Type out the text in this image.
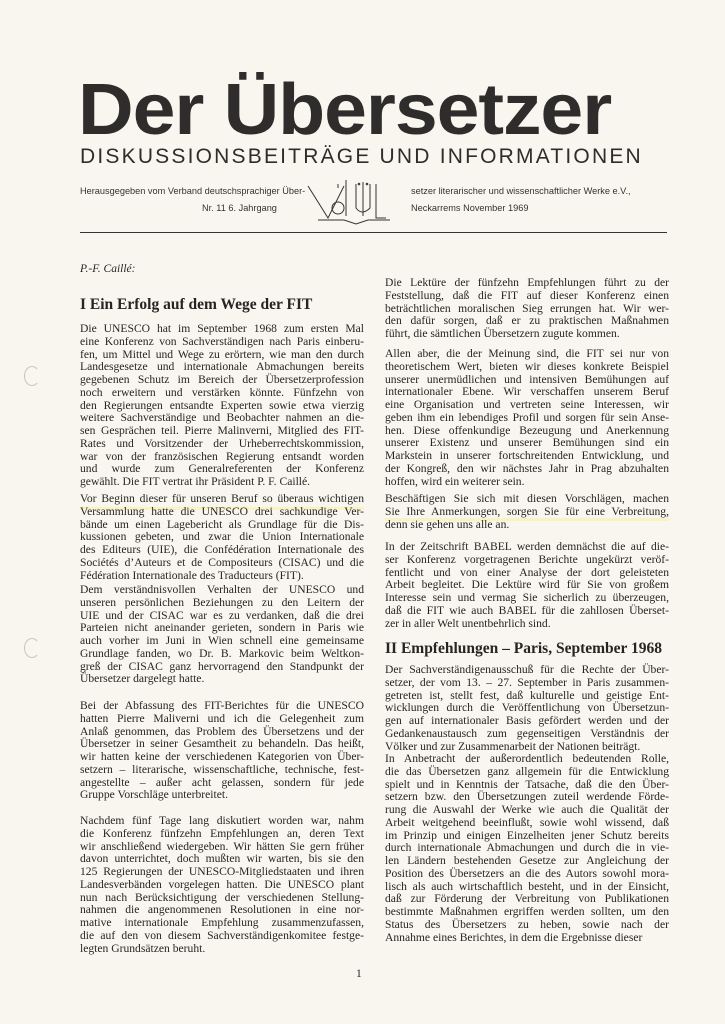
Der Übersetzer
DISKUSSIONSBEITRÄGE UND INFORMATIONEN
Herausgegeben vom Verband deutschsprachiger Über-
Nr. 11 6. Jahrgang
setzer literarischer und wissenschaftlicher Werke e.V.,
Neckarrems November 1969
P.-F. Caillé:
I Ein Erfolg auf dem Wege der FIT
II Empfehlungen – Paris, September 1968
Die UNESCO hat im September 1968 zum ersten Mal
eine Konferenz von Sachverständigen nach Paris einberu-
fen, um Mittel und Wege zu erörtern, wie man den durch
Landesgesetze und internationale Abmachungen bereits
gegebenen Schutz im Bereich der Übersetzerprofession
noch erweitern und verstärken könnte. Fünfzehn von
den Regierungen entsandte Experten sowie etwa vierzig
weitere Sachverständige und Beobachter nahmen an die-
sen Gesprächen teil. Pierre Malinverni, Mitglied des FIT-
Rates und Vorsitzender der Urheberrechtskommission,
war von der französischen Regierung entsandt worden
und wurde zum Generalreferenten der Konferenz
gewählt. Die FIT vertrat ihr Präsident P. F. Caillé.
Vor Beginn dieser für unseren Beruf so überaus wichtigen
Versammlung hatte die UNESCO drei sachkundige Ver-
bände um einen Lagebericht als Grundlage für die Dis-
kussionen gebeten, und zwar die Union Internationale
des Editeurs (UIE), die Confédération Internationale des
Sociétés d’Auteurs et de Compositeurs (CISAC) und die
Fédération Internationale des Traducteurs (FIT).
Dem verständnisvollen Verhalten der UNESCO und
unseren persönlichen Beziehungen zu den Leitern der
UIE und der CISAC war es zu verdanken, daß die drei
Parteien nicht aneinander gerieten, sondern in Paris wie
auch vorher im Juni in Wien schnell eine gemeinsame
Grundlage fanden, wo Dr. B. Markovic beim Weltkon-
greß der CISAC ganz hervorragend den Standpunkt der
Übersetzer dargelegt hatte.
Bei der Abfassung des FIT-Berichtes für die UNESCO
hatten Pierre Maliverni und ich die Gelegenheit zum
Anlaß genommen, das Problem des Übersetzens und der
Übersetzer in seiner Gesamtheit zu behandeln. Das heißt,
wir hatten keine der verschiedenen Kategorien von Über-
setzern – literarische, wissenschaftliche, technische, fest-
angestellte – außer acht gelassen, sondern für jede
Gruppe Vorschläge unterbreitet.
Nachdem fünf Tage lang diskutiert worden war, nahm
die Konferenz fünfzehn Empfehlungen an, deren Text
wir anschließend wiedergeben. Wir hätten Sie gern früher
davon unterrichtet, doch mußten wir warten, bis sie den
125 Regierungen der UNESCO-Mitgliedstaaten und ihren
Landesverbänden vorgelegen hatten. Die UNESCO plant
nun nach Berücksichtigung der verschiedenen Stellung-
nahmen die angenommenen Resolutionen in eine nor-
mative internationale Empfehlung zusammenzufassen,
die auf den von diesem Sachverständigenkomitee festge-
legten Grundsätzen beruht.
Die Lektüre der fünfzehn Empfehlungen führt zu der
Feststellung, daß die FIT auf dieser Konferenz einen
beträchtlichen moralischen Sieg errungen hat. Wir wer-
den dafür sorgen, daß er zu praktischen Maßnahmen
führt, die sämtlichen Übersetzern zugute kommen.
Allen aber, die der Meinung sind, die FIT sei nur von
theoretischem Wert, bieten wir dieses konkrete Beispiel
unserer unermüdlichen und intensiven Bemühungen auf
internationaler Ebene. Wir verschaffen unserem Beruf
eine Organisation und vertreten seine Interessen, wir
geben ihm ein lebendiges Profil und sorgen für sein Anse-
hen. Diese offenkundige Bezeugung und Anerkennung
unserer Existenz und unserer Bemühungen sind ein
Markstein in unserer fortschreitenden Entwicklung, und
der Kongreß, den wir nächstes Jahr in Prag abzuhalten
hoffen, wird ein weiterer sein.
Beschäftigen Sie sich mit diesen Vorschlägen, machen
Sie Ihre Anmerkungen, sorgen Sie für eine Verbreitung,
denn sie gehen uns alle an.
In der Zeitschrift BABEL werden demnächst die auf die-
ser Konferenz vorgetragenen Berichte ungekürzt veröf-
fentlicht und von einer Analyse der dort geleisteten
Arbeit begleitet. Die Lektüre wird für Sie von großem
Interesse sein und vermag Sie sicherlich zu überzeugen,
daß die FIT wie auch BABEL für die zahllosen Überset-
zer in aller Welt unentbehrlich sind.
Der Sachverständigenausschuß für die Rechte der Über-
setzer, der vom 13. – 27. September in Paris zusammen-
getreten ist, stellt fest, daß kulturelle und geistige Ent-
wicklungen durch die Veröffentlichung von Übersetzun-
gen auf internationaler Basis gefördert werden und der
Gedankenaustausch zum gegenseitigen Verständnis der
Völker und zur Zusammenarbeit der Nationen beiträgt.
In Anbetracht der außerordentlich bedeutenden Rolle,
die das Übersetzen ganz allgemein für die Entwicklung
spielt und in Kenntnis der Tatsache, daß die den Über-
setzern bzw. den Übersetzungen zuteil werdende Förde-
rung die Auswahl der Werke wie auch die Qualität der
Arbeit weitgehend beeinflußt, sowie wohl wissend, daß
im Prinzip und einigen Einzelheiten jener Schutz bereits
durch internationale Abmachungen und durch die in vie-
len Ländern bestehenden Gesetze zur Angleichung der
Position des Übersetzers an die des Autors sowohl mora-
lisch als auch wirtschaftlich besteht, und in der Einsicht,
daß zur Förderung der Verbreitung von Publikationen
bestimmte Maßnahmen ergriffen werden sollten, um den
Status des Übersetzers zu heben, sowie nach der
Annahme eines Berichtes, in dem die Ergebnisse dieser
1
